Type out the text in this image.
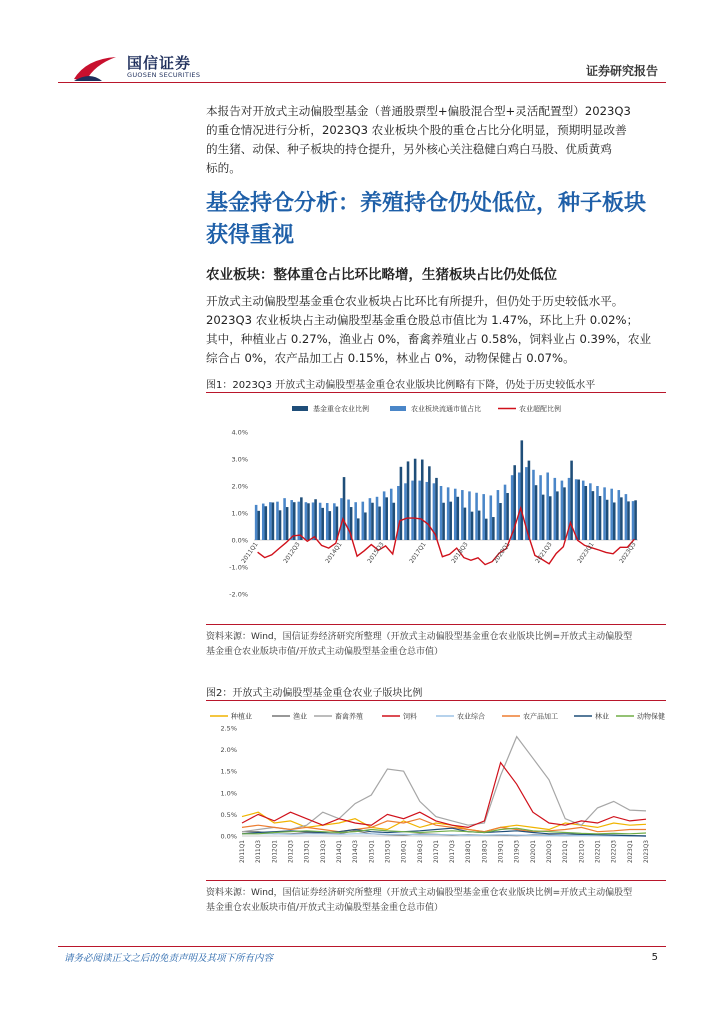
国信证券
GUOSEN SECURITIES	证券研究报告
本报告对开放式主动偏股型基金（普通股票型+偏股混合型+灵活配置型）2023Q3
的重仓情况进行分析，2023Q3 农业板块个股的重仓占比分化明显，预期明显改善
的生猪、动保、种子板块的持仓提升，另外核心关注稳健白鸡白马股、优质黄鸡
标的。
基金持仓分析：养殖持仓仍处低位，种子板块
获得重视
农业板块：整体重仓占比环比略增，生猪板块占比仍处低位
开放式主动偏股型基金重仓农业板块占比环比有所提升，但仍处于历史较低水平。
2023Q3 农业板块占主动偏股型基金重仓股总市值比为 1.47%，环比上升 0.02%；
其中，种植业占 0.27%，渔业占 0%，畜禽养殖业占 0.58%，饲料业占 0.39%，农业
综合占 0%，农产品加工占 0.15%，林业占 0%，动物保健占 0.07%。
图1：2023Q3 开放式主动偏股型基金重仓农业版块比例略有下降，仍处于历史较低水平
基金重仓农业比例	农业板块流通市值占比	农业超配比例
4.0%
3.0%
2.0%
1.0%
0.0%
-1.0%
-2.0%
2011Q1	2012Q3	2014Q1	2015Q3	2017Q1	2018Q3	2020Q1	2021Q3	2023Q1	2023Q3
资料来源：Wind，国信证券经济研究所整理（开放式主动偏股型基金重仓农业版块比例=开放式主动偏股型
基金重仓农业版块市值/开放式主动偏股型基金重仓总市值）
图2：开放式主动偏股型基金重仓农业子版块比例
种植业	渔业	畜禽养殖	饲料	农业综合	农产品加工	林业	动物保健
2.5%
2.0%
1.5%
1.0%
0.5%
0.0%
2011Q1 2011Q3 2012Q1 2012Q3 2013Q1 2013Q3 2014Q1 2014Q3 2015Q1 2015Q3 2016Q1 2016Q3 2017Q1 2017Q3 2018Q1 2018Q3 2019Q1 2019Q3 2020Q1 2020Q3 2021Q1 2021Q3 2022Q1 2022Q3 2023Q1 2023Q3
资料来源：Wind，国信证券经济研究所整理（开放式主动偏股型基金重仓农业版块比例=开放式主动偏股型
基金重仓农业版块市值/开放式主动偏股型基金重仓总市值）
请务必阅读正文之后的免责声明及其项下所有内容	5
